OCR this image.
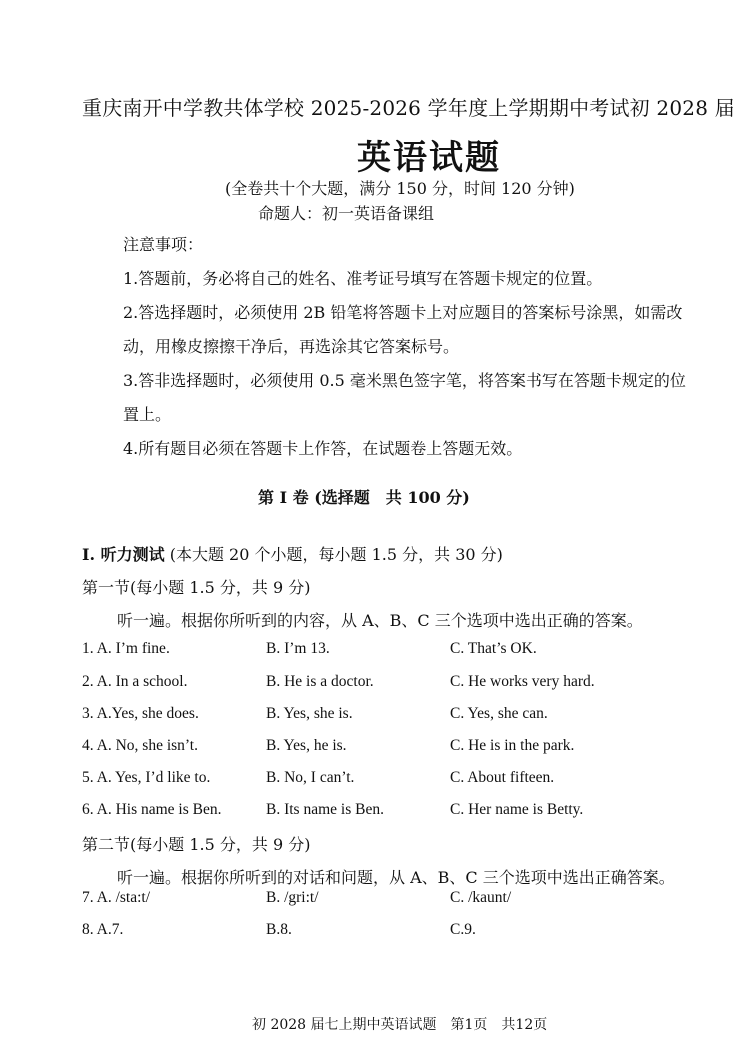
重庆南开中学教共体学校 2025-2026 学年度上学期期中考试初 2028 届
英语试题
(全卷共十个大题，满分 150 分，时间 120 分钟)
命题人：初一英语备课组
注意事项：
1.答题前，务必将自己的姓名、准考证号填写在答题卡规定的位置。
2.答选择题时，必须使用 2B 铅笔将答题卡上对应题目的答案标号涂黑，如需改
动，用橡皮擦擦干净后，再选涂其它答案标号。
3.答非选择题时，必须使用 0.5 毫米黑色签字笔，将答案书写在答题卡规定的位
置上。
4.所有题目必须在答题卡上作答，在试题卷上答题无效。
第 I 卷 (选择题　共 100 分)
I. 听力测试 (本大题 20 个小题，每小题 1.5 分，共 30 分)
第一节(每小题 1.5 分，共 9 分)
听一遍。根据你所听到的内容，从 A、B、C 三个选项中选出正确的答案。
1. A. I’m fine.	B. I’m 13.	C. That’s OK.
2. A. In a school.	B. He is a doctor.	C. He works very hard.
3. A.Yes, she does.	B. Yes, she is.	C. Yes, she can.
4. A. No, she isn’t.	B. Yes, he is.	C. He is in the park.
5. A. Yes, I’d like to.	B. No, I can’t.	C. About fifteen.
6. A. His name is Ben.	B. Its name is Ben.	C. Her name is Betty.
第二节(每小题 1.5 分，共 9 分)
听一遍。根据你所听到的对话和问题，从 A、B、C 三个选项中选出正确答案。
7. A. /sta:t/	B. /gri:t/	C. /kaunt/
8. A.7.	B.8.	C.9.
初 2028 届七上期中英语试题　第1页　共12页
